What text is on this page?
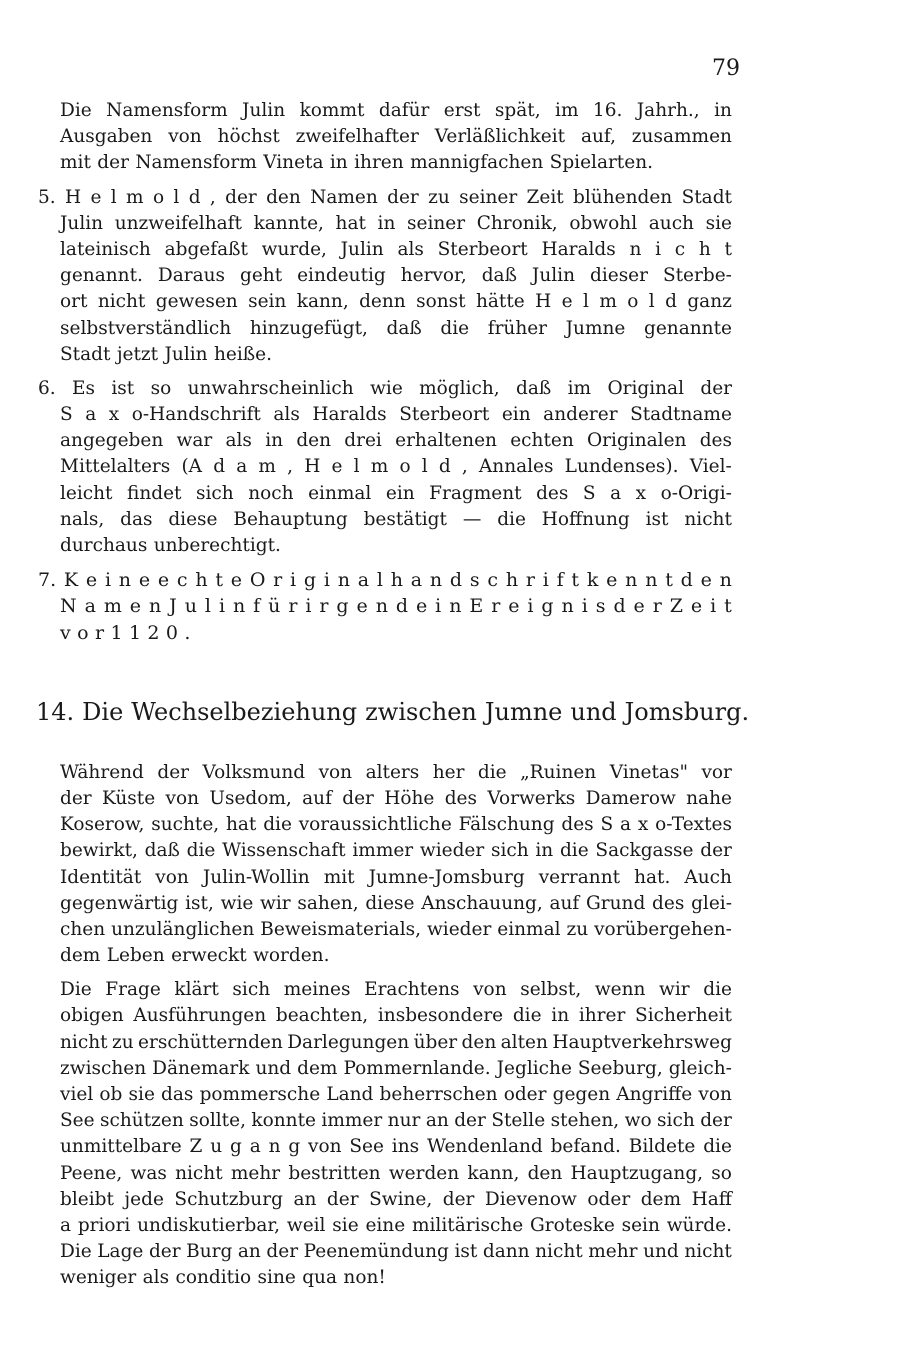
79
Die Namensform Julin kommt dafür erst spät, im 16. Jahrh., in
Ausgaben von höchst zweifelhafter Verläßlichkeit auf, zusammen
mit der Namensform Vineta in ihren mannigfachen Spielarten.
5. H e l m o l d , der den Namen der zu seiner Zeit blühenden Stadt
Julin unzweifelhaft kannte, hat in seiner Chronik, obwohl auch sie
lateinisch abgefaßt wurde, Julin als Sterbeort Haralds n i c h t
genannt. Daraus geht eindeutig hervor, daß Julin dieser Sterbe-
ort nicht gewesen sein kann, denn sonst hätte H e l m o l d ganz
selbstverständlich hinzugefügt, daß die früher Jumne genannte
Stadt jetzt Julin heiße.
6. Es ist so unwahrscheinlich wie möglich, daß im Original der
S a x o-Handschrift als Haralds Sterbeort ein anderer Stadtname
angegeben war als in den drei erhaltenen echten Originalen des
Mittelalters (A d a m , H e l m o l d , Annales Lundenses). Viel-
leicht findet sich noch einmal ein Fragment des S a x o-Origi-
nals, das diese Behauptung bestätigt — die Hoffnung ist nicht
durchaus unberechtigt.
7. K e i n e e c h t e O r i g i n a l h a n d s c h r i f t k e n n t d e n
N a m e n J u l i n f ü r i r g e n d e i n E r e i g n i s d e r Z e i t
v o r 1 1 2 0 .
14. Die Wechselbeziehung zwischen Jumne und Jomsburg.
Während der Volksmund von alters her die „Ruinen Vinetas" vor
der Küste von Usedom, auf der Höhe des Vorwerks Damerow nahe
Koserow, suchte, hat die voraussichtliche Fälschung des S a x o-Textes
bewirkt, daß die Wissenschaft immer wieder sich in die Sackgasse der
Identität von Julin-Wollin mit Jumne-Jomsburg verrannt hat. Auch
gegenwärtig ist, wie wir sahen, diese Anschauung, auf Grund des glei-
chen unzulänglichen Beweismaterials, wieder einmal zu vorübergehen-
dem Leben erweckt worden.
Die Frage klärt sich meines Erachtens von selbst, wenn wir die
obigen Ausführungen beachten, insbesondere die in ihrer Sicherheit
nicht zu erschütternden Darlegungen über den alten Hauptverkehrsweg
zwischen Dänemark und dem Pommernlande. Jegliche Seeburg, gleich-
viel ob sie das pommersche Land beherrschen oder gegen Angriffe von
See schützen sollte, konnte immer nur an der Stelle stehen, wo sich der
unmittelbare Z u g a n g von See ins Wendenland befand. Bildete die
Peene, was nicht mehr bestritten werden kann, den Hauptzugang, so
bleibt jede Schutzburg an der Swine, der Dievenow oder dem Haff
a priori undiskutierbar, weil sie eine militärische Groteske sein würde.
Die Lage der Burg an der Peenemündung ist dann nicht mehr und nicht
weniger als conditio sine qua non!
